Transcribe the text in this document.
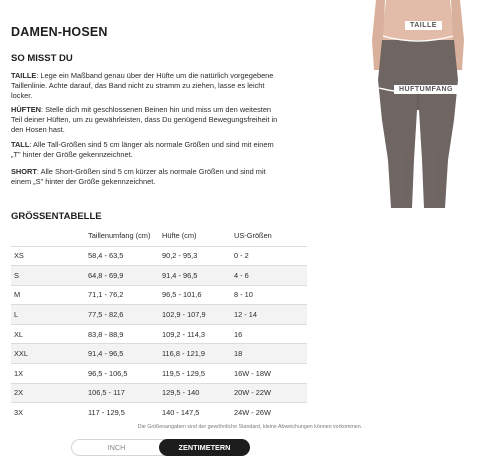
DAMEN-HOSEN
SO MISST DU

TAILLE: Lege ein Maßband genau über der Hüfte um die natürlich vorgegebene Taillenlinie. Achte darauf, das Band nicht zu stramm zu ziehen, lasse es leicht locker.

HÜFTEN: Stelle dich mit geschlossenen Beinen hin und miss um den weitesten Teil deiner Hüften, um zu gewährleisten, dass Du genügend Bewegungsfreiheit in den Hosen hast.

TALL: Alle Tall-Größen sind 5 cm länger als normale Größen und sind mit einem „T" hinter der Größe gekennzeichnet.

SHORT: Alle Short-Größen sind 5 cm kürzer als normale Größen und sind mit einem „S" hinter der Größe gekennzeichnet.

TAILLE
HÜFTUMFANG
GRÖSSENTABELLE
	Taillenumfang (cm)	Hüfte (cm)	US-Größen
XS	58,4 - 63,5	90,2 - 95,3	0 - 2
S	64,8 - 69,9	91,4 - 96,5	4 - 6
M	71,1 - 76,2	96,5 - 101,6	8 - 10
L	77,5 - 82,6	102,9 - 107,9	12 - 14
XL	83,8 - 88,9	109,2 - 114,3	16
XXL	91,4 - 96,5	116,8 - 121,9	18
1X	96,5 - 106,5	119,5 - 129,5	16W - 18W
2X	106,5 - 117	129,5 - 140	20W - 22W
3X	117 - 129,5	140 - 147,5	24W - 26W
Die Größenangaben sind der gewöhnliche Standard, kleine Abweichungen können vorkommen.
INCH	ZENTIMETERN
